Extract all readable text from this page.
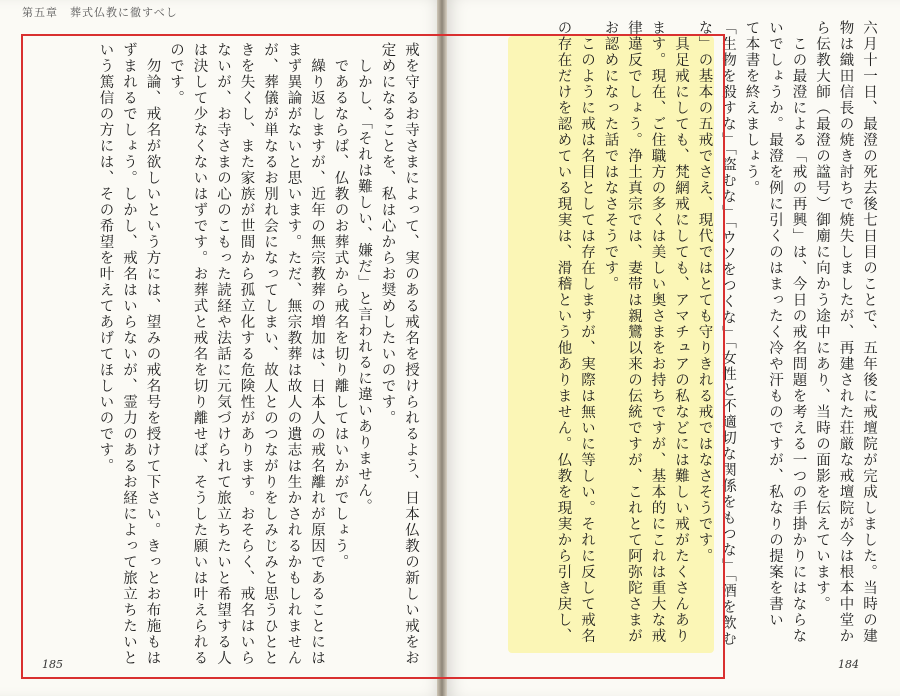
第五章　葬式仏教に徹すべし

戒を守るお寺さまによって、実のある戒名を授けられるよう、日本仏教の新しい戒をお

定めになることを、私は心からお奨めしたいのです。

　しかし、「それは難しい、嫌だ」と言われるに違いありません。

　であるならば、仏教のお葬式から戒名を切り離してはいかがでしょう。

　繰り返しますが、近年の無宗教葬の増加は、日本人の戒名離れが原因であることには

まず異論がないと思います。ただ、無宗教葬は故人の遺志は生かされるかもしれません

が、葬儀が単なるお別れ会になってしまい、故人とのつながりをしみじみと思うひとと

きを失くし、また家族が世間から孤立化する危険性があります。おそらく、戒名はいら

ないが、お寺さまの心のこもった読経や法話に元気づけられて旅立ちたいと希望する人

は決して少なくないはずです。お葬式と戒名を切り離せば、そうした願いは叶えられる

のです。

　勿論、戒名が欲しいという方には、望みの戒名号を授けて下さい。きっとお布施もは

ずまれるでしょう。しかし、戒名はいらないが、霊力のあるお経によって旅立ちたいと

いう篤信の方には、その希望を叶えてあげてほしいのです。	六月十一日、最澄の死去後七日目のことで、五年後に戒壇院が完成しました。当時の建

物は織田信長の焼き討ちで焼失しましたが、再建された荘厳な戒壇院が今は根本中堂か

ら伝教大師（最澄の諡号）御廟に向かう途中にあり、当時の面影を伝えています。

　この最澄による「戒の再興」は、今日の戒名問題を考える一つの手掛かりにはならな

いでしょうか。最澄を例に引くのはまったく冷や汗ものですが、私なりの提案を書い

て本書を終えましょう。

「生物を殺すな」「盗むな」「ウソをつくな」「女性と不適切な関係をもつな」「酒を飲む

な」の基本の五戒でさえ、現代ではとても守りきれる戒ではなさそうです。

　具足戒にしても、梵網戒にしても、アマチュアの私などには難しい戒がたくさんあり

ます。現在、ご住職方の多くは美しい奥さまをお持ちですが、基本的にこれは重大な戒

律違反でしょう。浄土真宗では、妻帯は親鸞以来の伝統ですが、これとて阿弥陀さまが

お認めになった話ではなさそうです。

　このように戒は名目としては存在しますが、実際は無いに等しい。それに反して戒名

の存在だけを認めている現実は、滑稽という他ありません。仏教を現実から引き戻し、

185	184
